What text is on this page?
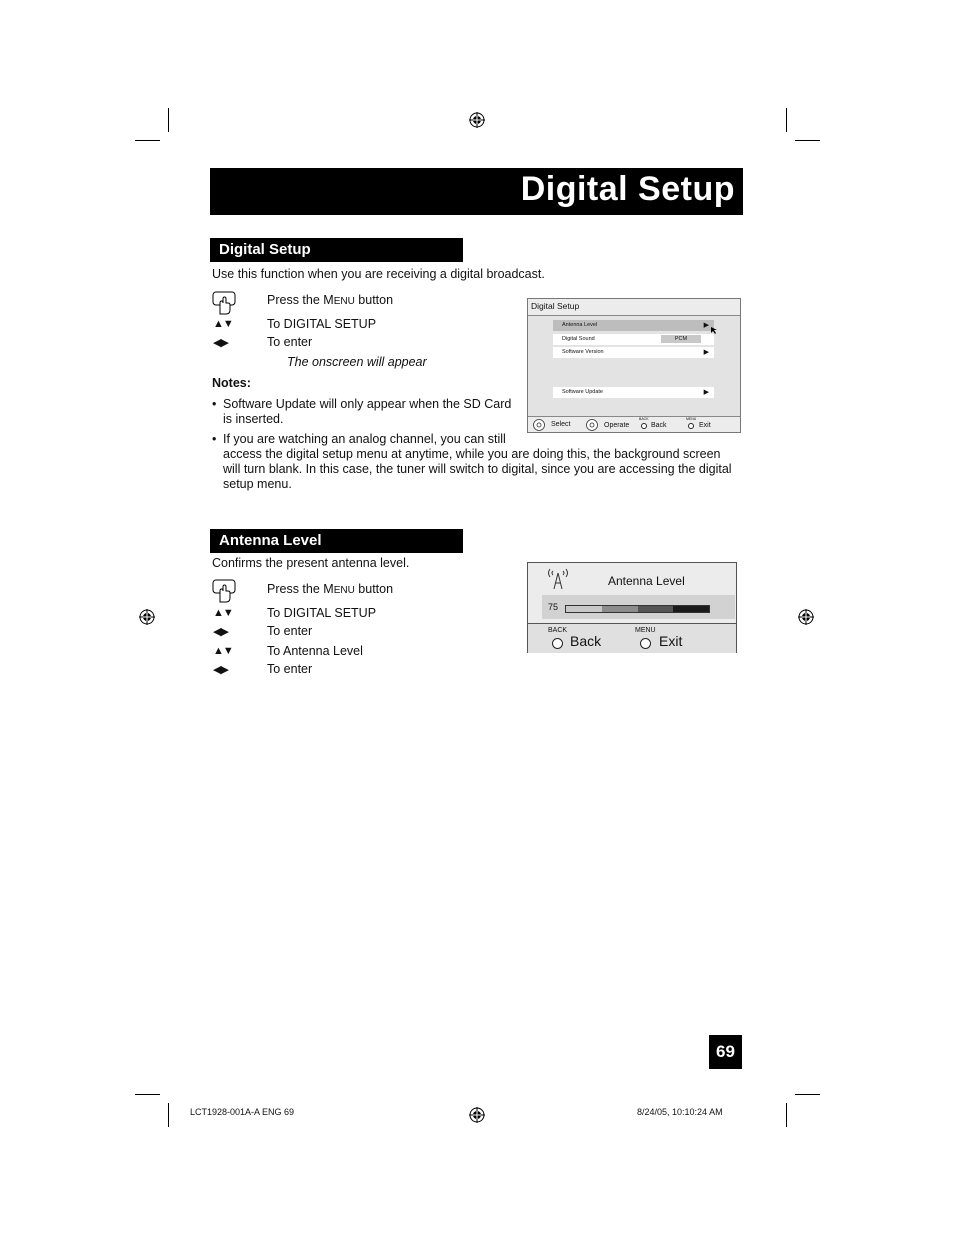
Digital Setup
Digital Setup
Use this function when you are receiving a digital broadcast.
Press the MENU button
▲▼	To DIGITAL SETUP
◀▶	To enter
The onscreen will appear
Notes:
• Software Update will only appear when the SD Card
is inserted.
• If you are watching an analog channel, you can still
access the digital setup menu at anytime, while you are doing this, the background screen
will turn blank. In this case, the tuner will switch to digital, since you are accessing the digital
setup menu.
Digital Setup
Antenna Level	▶
Digital Sound	PCM
Software Version	▶
Software Update	▶
Select	Operate
BACK
Back
MENU
Exit
Antenna Level
Confirms the present antenna level.
Press the MENU button
▲▼	To DIGITAL SETUP
◀▶	To enter
▲▼	To Antenna Level
◀▶	To enter
Antenna Level
75
BACK
Back
MENU
Exit
69
LCT1928-001A-A ENG 69	8/24/05, 10:10:24 AM
